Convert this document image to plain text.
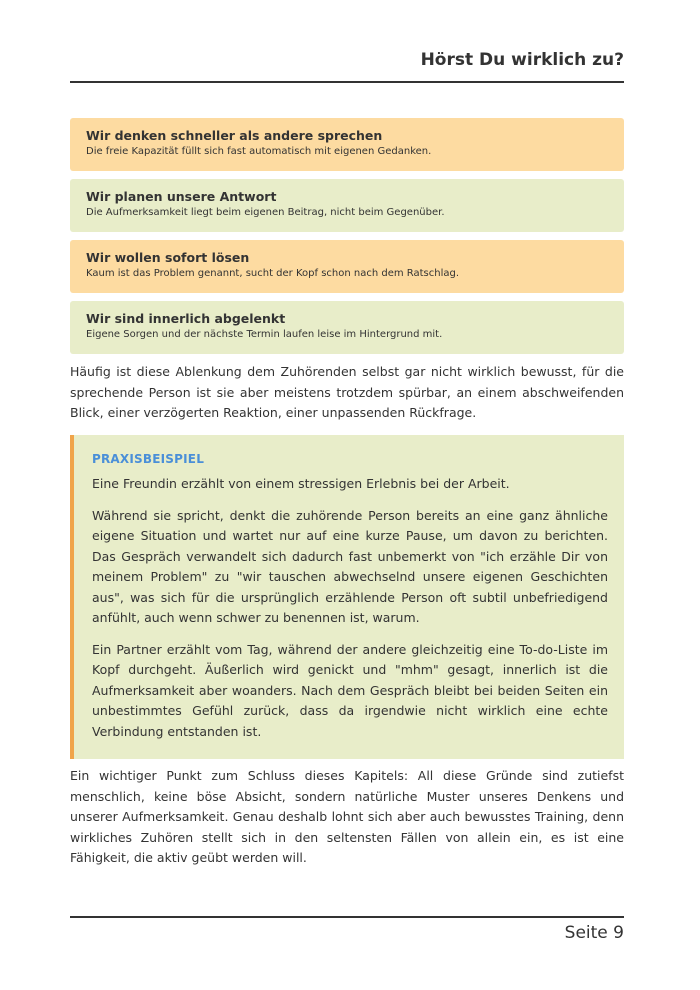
Hörst Du wirklich zu?
Wir denken schneller als andere sprechen
Die freie Kapazität füllt sich fast automatisch mit eigenen Gedanken.
Wir planen unsere Antwort
Die Aufmerksamkeit liegt beim eigenen Beitrag, nicht beim Gegenüber.
Wir wollen sofort lösen
Kaum ist das Problem genannt, sucht der Kopf schon nach dem Ratschlag.
Wir sind innerlich abgelenkt
Eigene Sorgen und der nächste Termin laufen leise im Hintergrund mit.

Häufig ist diese Ablenkung dem Zuhörenden selbst gar nicht wirklich bewusst, für die sprechende Person ist sie aber meistens trotzdem spürbar, an einem abschweifenden Blick, einer verzögerten Reaktion, einer unpassenden Rückfrage.

PRAXISBEISPIEL

Eine Freundin erzählt von einem stressigen Erlebnis bei der Arbeit.

Während sie spricht, denkt die zuhörende Person bereits an eine ganz ähnliche eigene Situation und wartet nur auf eine kurze Pause, um davon zu berichten. Das Gespräch verwandelt sich dadurch fast unbemerkt von "ich erzähle Dir von meinem Problem" zu "wir tauschen abwechselnd unsere eigenen Geschichten aus", was sich für die ursprünglich erzählende Person oft subtil unbefriedigend anfühlt, auch wenn schwer zu benennen ist, warum.

Ein Partner erzählt vom Tag, während der andere gleichzeitig eine To-do-Liste im Kopf durchgeht. Äußerlich wird genickt und "mhm" gesagt, innerlich ist die Aufmerksamkeit aber woanders. Nach dem Gespräch bleibt bei beiden Seiten ein unbestimmtes Gefühl zurück, dass da irgendwie nicht wirklich eine echte Verbindung entstanden ist.

Ein wichtiger Punkt zum Schluss dieses Kapitels: All diese Gründe sind zutiefst menschlich, keine böse Absicht, sondern natürliche Muster unseres Denkens und unserer Aufmerksamkeit. Genau deshalb lohnt sich aber auch bewusstes Training, denn wirkliches Zuhören stellt sich in den seltensten Fällen von allein ein, es ist eine Fähigkeit, die aktiv geübt werden will.

Seite 9
